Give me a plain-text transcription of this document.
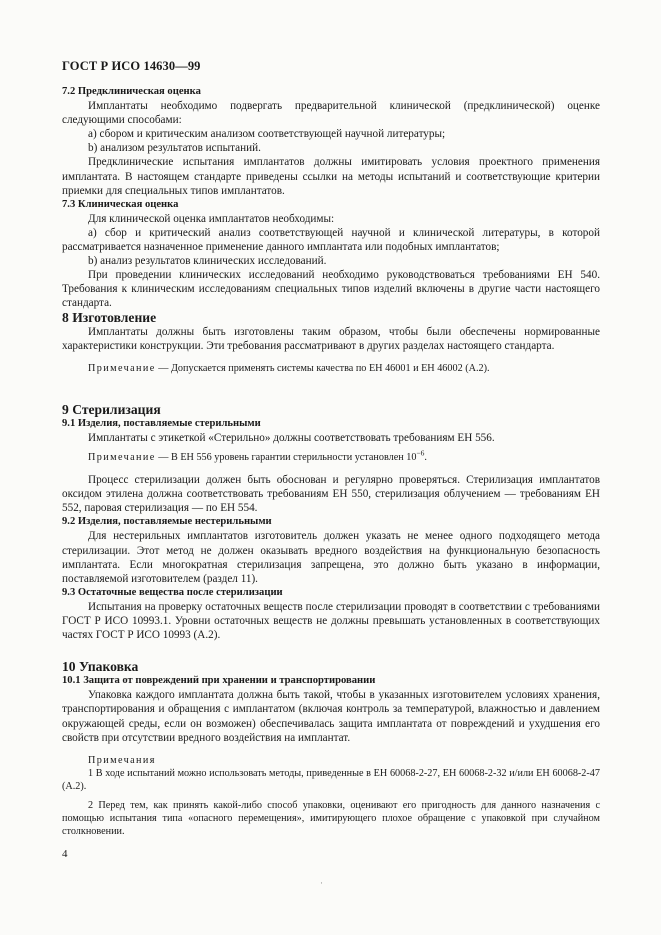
ГОСТ Р ИСО 14630—99

7.2 Предклиническая оценка

Имплантаты необходимо подвергать предварительной клинической (предклинической) оценке следующими способами:

а) сбором и критическим анализом соответствующей научной литературы;

b) анализом результатов испытаний.

Предклинические испытания имплантатов должны имитировать условия проектного применения имплантата. В настоящем стандарте приведены ссылки на методы испытаний и соответствующие критерии приемки для специальных типов имплантатов.

7.3 Клиническая оценка

Для клинической оценка имплантатов необходимы:

а) сбор и критический анализ соответствующей научной и клинической литературы, в которой рассматривается назначенное применение данного имплантата или подобных имплантатов;

b) анализ результатов клинических исследований.

При проведении клинических исследований необходимо руководствоваться требованиями ЕН 540. Требования к клиническим исследованиям специальных типов изделий включены в другие части настоящего стандарта.

8 Изготовление

Имплантаты должны быть изготовлены таким образом, чтобы были обеспечены нормированные характеристики конструкции. Эти требования рассматривают в других разделах настоящего стандарта.

Примечание — Допускается применять системы качества по ЕН 46001 и ЕН 46002 (А.2).

9 Стерилизация

9.1 Изделия, поставляемые стерильными

Имплантаты с этикеткой «Стерильно» должны соответствовать требованиям ЕН 556.

Примечание — В ЕН 556 уровень гарантии стерильности установлен $10^{-6}$.

Процесс стерилизации должен быть обоснован и регулярно проверяться. Стерилизация имплантатов оксидом этилена должна соответствовать требованиям ЕН 550, стерилизация облучением — требованиям ЕН 552, паровая стерилизация — по ЕН 554.

9.2 Изделия, поставляемые нестерильными

Для нестерильных имплантатов изготовитель должен указать не менее одного подходящего метода стерилизации. Этот метод не должен оказывать вредного воздействия на функциональную безопасность имплантата. Если многократная стерилизация запрещена, это должно быть указано в информации, поставляемой изготовителем (раздел 11).

9.3 Остаточные вещества после стерилизации

Испытания на проверку остаточных веществ после стерилизации проводят в соответствии с требованиями ГОСТ Р ИСО 10993.1. Уровни остаточных веществ не должны превышать установленных в соответствующих частях ГОСТ Р ИСО 10993 (А.2).

10 Упаковка

10.1 Защита от повреждений при хранении и транспортировании

Упаковка каждого имплантата должна быть такой, чтобы в указанных изготовителем условиях хранения, транспортирования и обращения с имплантатом (включая контроль за температурой, влажностью и давлением окружающей среды, если он возможен) обеспечивалась защита имплантата от повреждений и ухудшения его свойств при отсутствии вредного воздействия на имплантат.

Примечания

1 В ходе испытаний можно использовать методы, приведенные в ЕН 60068-2-27, ЕН 60068-2-32 и/или ЕН 60068-2-47 (А.2).

2 Перед тем, как принять какой-либо способ упаковки, оценивают его пригодность для данного назначения с помощью испытания типа «опасного перемещения», имитирующего плохое обращение с упаковкой при случайном столкновении.

4
·
